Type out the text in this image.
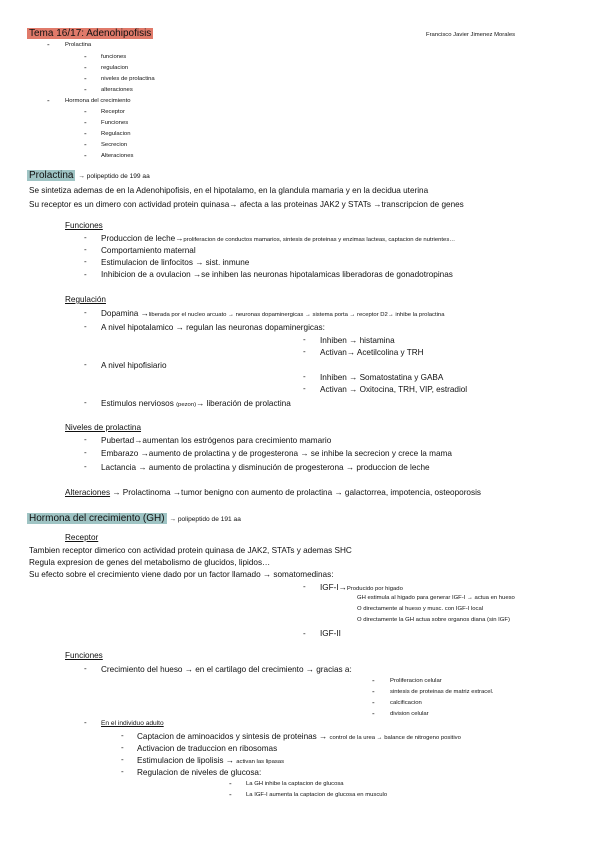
Tema 16/17: Adenohipofisis	Francisco Javier Jimenez Morales
-	Prolactina
- funciones
- regulacion
- niveles de prolactina
- alteraciones
-	Hormona del crecimiento
- Receptor
- Funciones
- Regulacion
- Secrecion
- Alteraciones
Prolactina → polipeptido de 199 aa
Se sintetiza ademas de en la Adenohipofisis, en el hipotalamo, en la glandula mamaria y en la decidua uterina
Su receptor es un dimero con actividad protein quinasa→ afecta a las proteinas JAK2 y STATs →transcripcion de genes
Funciones
- Produccion de leche→proliferacion de conductos mamarios, sintesis de proteinas y enzimas lacteas, captacion de nutrientes…
- Comportamiento maternal
- Estimulacion de linfocitos → sist. inmune
- Inhibicion de a ovulacion →se inhiben las neuronas hipotalamicas liberadoras de gonadotropinas
Regulación
- Dopamina →liberada por el nucleo arcuato → neuronas dopaminergicas → sistema porta → receptor D2→ inhibe la prolactina
- A nivel hipotalamico → regulan las neuronas dopaminergicas:
- Inhiben → histamina
- Activan→ Acetilcolina y TRH
- A nivel hipofisiario
- Inhiben → Somatostatina y GABA
- Activan → Oxitocina, TRH, VIP, estradiol
- Estimulos nerviosos (pezon)→ liberación de prolactina
Niveles de prolactina
- Pubertad→aumentan los estrógenos para crecimiento mamario
- Embarazo →aumento de prolactina y de progesterona → se inhibe la secrecion y crece la mama
- Lactancia → aumento de prolactina y disminución de progesterona → produccion de leche
Alteraciones → Prolactinoma →tumor benigno con aumento de prolactina → galactorrea, impotencia, osteoporosis
Hormona del crecimiento (GH) → polipeptido de 191 aa
Receptor
Tambien receptor dimerico con actividad protein quinasa de JAK2, STATs y ademas SHC
Regula expresion de genes del metabolismo de glucidos, lipidos…
Su efecto sobre el crecimiento viene dado por un factor llamado → somatomedinas:
- IGF-I→Producido por higado
GH estimula al higado para generar IGF-I → actua en hueso
O directamente al hueso y musc. con IGF-I local
O directamente la GH actua sobre organos diana (sin IGF)
- IGF-II
Funciones
- Crecimiento del hueso → en el cartilago del crecimiento → gracias a:
-	Proliferacion celular
-	sintesis de proteinas de matriz extracel.
-	calcificacion
-	division celular
- En el individuo adulto
- Captacion de aminoacidos y sintesis de proteinas → control de la urea → balance de nitrogeno positivo
- Activacion de traduccion en ribosomas
- Estimulacion de lipolisis → activan las lipasas
- Regulacion de niveles de glucosa:
- La GH inhibe la captacion de glucosa
- La IGF-I aumenta la captacion de glucosa en musculo
